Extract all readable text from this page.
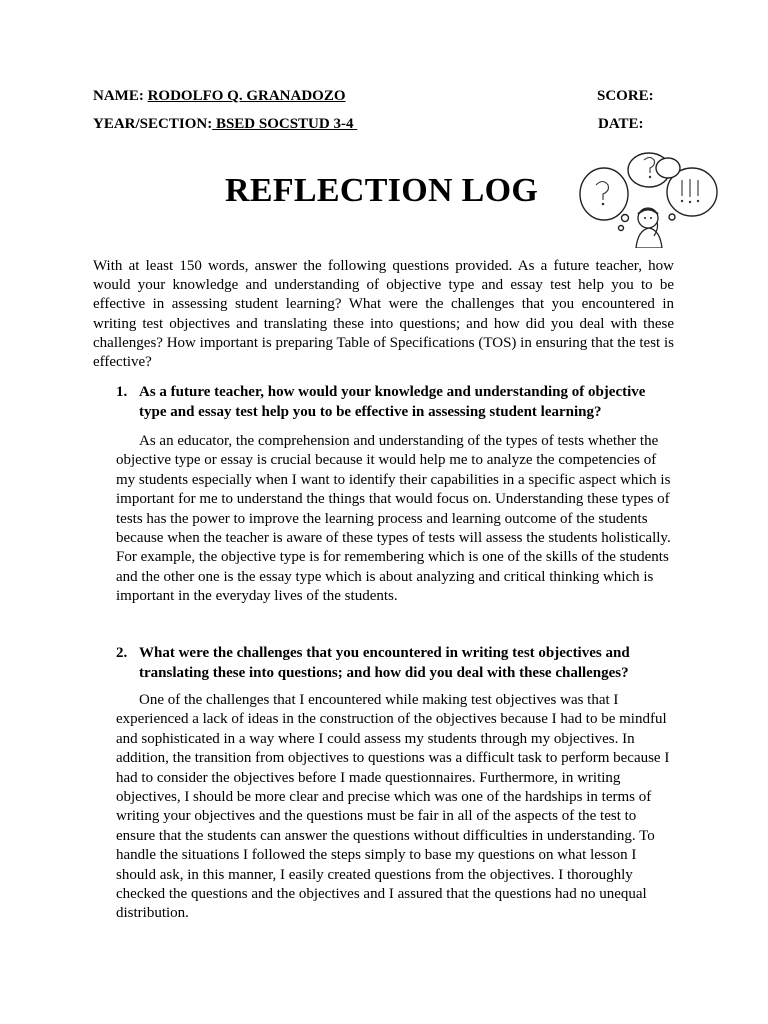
NAME: RODOLFO Q. GRANADOZO	SCORE:
YEAR/SECTION: BSED SOCSTUD 3-4	DATE:
REFLECTION LOG

With at least 150 words, answer the following questions provided. As a future teacher, how would your knowledge and understanding of objective type and essay test help you to be effective in assessing student learning? What were the challenges that you encountered in writing test objectives and translating these into questions; and how did you deal with these challenges? How important is preparing Table of Specifications (TOS) in ensuring that the test is effective?

1. As a future teacher, how would your knowledge and understanding of objective type and essay test help you to be effective in assessing student learning?

As an educator, the comprehension and understanding of the types of tests whether the objective type or essay is crucial because it would help me to analyze the competencies of my students especially when I want to identify their capabilities in a specific aspect which is important for me to understand the things that would focus on. Understanding these types of tests has the power to improve the learning process and learning outcome of the students because when the teacher is aware of these types of tests will assess the students holistically. For example, the objective type is for remembering which is one of the skills of the students and the other one is the essay type which is about analyzing and critical thinking which is important in the everyday lives of the students.

2. What were the challenges that you encountered in writing test objectives and translating these into questions; and how did you deal with these challenges?

One of the challenges that I encountered while making test objectives was that I experienced a lack of ideas in the construction of the objectives because I had to be mindful and sophisticated in a way where I could assess my students through my objectives. In addition, the transition from objectives to questions was a difficult task to perform because I had to consider the objectives before I made questionnaires. Furthermore, in writing objectives, I should be more clear and precise which was one of the hardships in terms of writing your objectives and the questions must be fair in all of the aspects of the test to ensure that the students can answer the questions without difficulties in understanding. To handle the situations I followed the steps simply to base my questions on what lesson I should ask, in this manner, I easily created questions from the objectives. I thoroughly checked the questions and the objectives and I assured that the questions had no unequal distribution.
